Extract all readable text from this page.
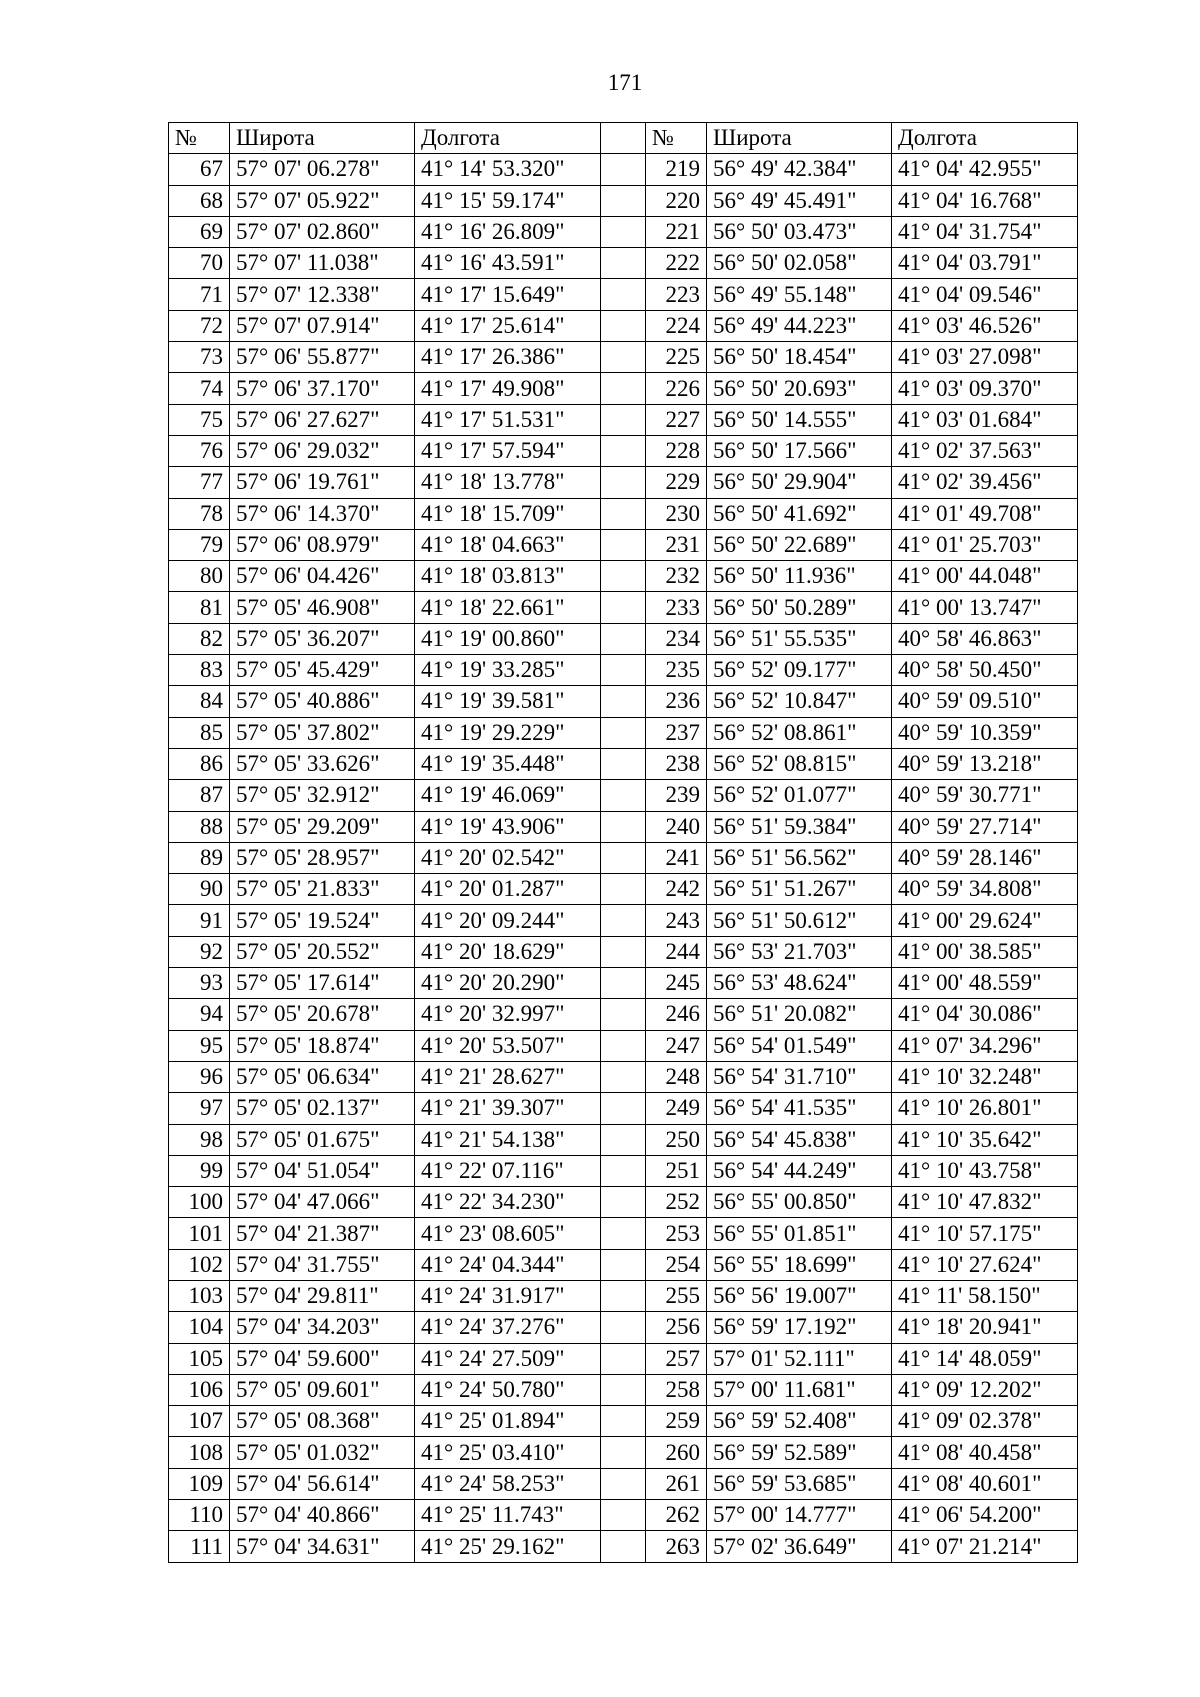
171
№	Широта	Долгота		№	Широта	Долгота
67	57° 07' 06.278"	41° 14' 53.320"		219	56° 49' 42.384"	41° 04' 42.955"
68	57° 07' 05.922"	41° 15' 59.174"		220	56° 49' 45.491"	41° 04' 16.768"
69	57° 07' 02.860"	41° 16' 26.809"		221	56° 50' 03.473"	41° 04' 31.754"
70	57° 07' 11.038"	41° 16' 43.591"		222	56° 50' 02.058"	41° 04' 03.791"
71	57° 07' 12.338"	41° 17' 15.649"		223	56° 49' 55.148"	41° 04' 09.546"
72	57° 07' 07.914"	41° 17' 25.614"		224	56° 49' 44.223"	41° 03' 46.526"
73	57° 06' 55.877"	41° 17' 26.386"		225	56° 50' 18.454"	41° 03' 27.098"
74	57° 06' 37.170"	41° 17' 49.908"		226	56° 50' 20.693"	41° 03' 09.370"
75	57° 06' 27.627"	41° 17' 51.531"		227	56° 50' 14.555"	41° 03' 01.684"
76	57° 06' 29.032"	41° 17' 57.594"		228	56° 50' 17.566"	41° 02' 37.563"
77	57° 06' 19.761"	41° 18' 13.778"		229	56° 50' 29.904"	41° 02' 39.456"
78	57° 06' 14.370"	41° 18' 15.709"		230	56° 50' 41.692"	41° 01' 49.708"
79	57° 06' 08.979"	41° 18' 04.663"		231	56° 50' 22.689"	41° 01' 25.703"
80	57° 06' 04.426"	41° 18' 03.813"		232	56° 50' 11.936"	41° 00' 44.048"
81	57° 05' 46.908"	41° 18' 22.661"		233	56° 50' 50.289"	41° 00' 13.747"
82	57° 05' 36.207"	41° 19' 00.860"		234	56° 51' 55.535"	40° 58' 46.863"
83	57° 05' 45.429"	41° 19' 33.285"		235	56° 52' 09.177"	40° 58' 50.450"
84	57° 05' 40.886"	41° 19' 39.581"		236	56° 52' 10.847"	40° 59' 09.510"
85	57° 05' 37.802"	41° 19' 29.229"		237	56° 52' 08.861"	40° 59' 10.359"
86	57° 05' 33.626"	41° 19' 35.448"		238	56° 52' 08.815"	40° 59' 13.218"
87	57° 05' 32.912"	41° 19' 46.069"		239	56° 52' 01.077"	40° 59' 30.771"
88	57° 05' 29.209"	41° 19' 43.906"		240	56° 51' 59.384"	40° 59' 27.714"
89	57° 05' 28.957"	41° 20' 02.542"		241	56° 51' 56.562"	40° 59' 28.146"
90	57° 05' 21.833"	41° 20' 01.287"		242	56° 51' 51.267"	40° 59' 34.808"
91	57° 05' 19.524"	41° 20' 09.244"		243	56° 51' 50.612"	41° 00' 29.624"
92	57° 05' 20.552"	41° 20' 18.629"		244	56° 53' 21.703"	41° 00' 38.585"
93	57° 05' 17.614"	41° 20' 20.290"		245	56° 53' 48.624"	41° 00' 48.559"
94	57° 05' 20.678"	41° 20' 32.997"		246	56° 51' 20.082"	41° 04' 30.086"
95	57° 05' 18.874"	41° 20' 53.507"		247	56° 54' 01.549"	41° 07' 34.296"
96	57° 05' 06.634"	41° 21' 28.627"		248	56° 54' 31.710"	41° 10' 32.248"
97	57° 05' 02.137"	41° 21' 39.307"		249	56° 54' 41.535"	41° 10' 26.801"
98	57° 05' 01.675"	41° 21' 54.138"		250	56° 54' 45.838"	41° 10' 35.642"
99	57° 04' 51.054"	41° 22' 07.116"		251	56° 54' 44.249"	41° 10' 43.758"
100	57° 04' 47.066"	41° 22' 34.230"		252	56° 55' 00.850"	41° 10' 47.832"
101	57° 04' 21.387"	41° 23' 08.605"		253	56° 55' 01.851"	41° 10' 57.175"
102	57° 04' 31.755"	41° 24' 04.344"		254	56° 55' 18.699"	41° 10' 27.624"
103	57° 04' 29.811"	41° 24' 31.917"		255	56° 56' 19.007"	41° 11' 58.150"
104	57° 04' 34.203"	41° 24' 37.276"		256	56° 59' 17.192"	41° 18' 20.941"
105	57° 04' 59.600"	41° 24' 27.509"		257	57° 01' 52.111"	41° 14' 48.059"
106	57° 05' 09.601"	41° 24' 50.780"		258	57° 00' 11.681"	41° 09' 12.202"
107	57° 05' 08.368"	41° 25' 01.894"		259	56° 59' 52.408"	41° 09' 02.378"
108	57° 05' 01.032"	41° 25' 03.410"		260	56° 59' 52.589"	41° 08' 40.458"
109	57° 04' 56.614"	41° 24' 58.253"		261	56° 59' 53.685"	41° 08' 40.601"
110	57° 04' 40.866"	41° 25' 11.743"		262	57° 00' 14.777"	41° 06' 54.200"
111	57° 04' 34.631"	41° 25' 29.162"		263	57° 02' 36.649"	41° 07' 21.214"
